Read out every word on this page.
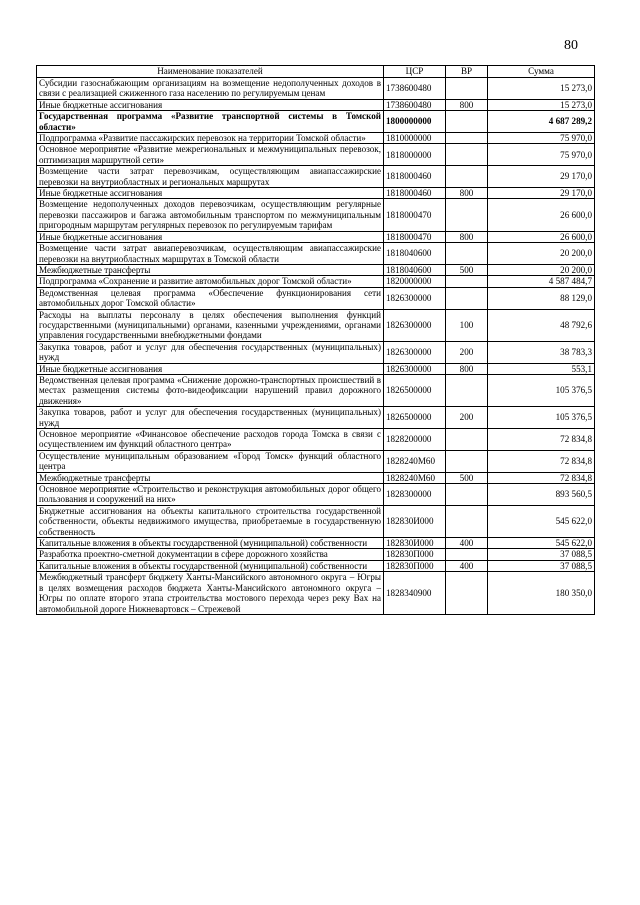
80
Наименование показателей	ЦСР	ВР	Сумма
Субсидии газоснабжающим организациям на возмещение недополученных доходов в связи с реализацией сжиженного газа населению по регулируемым ценам	1738600480		15 273,0
Иные бюджетные ассигнования	1738600480	800	15 273,0
Государственная программа «Развитие транспортной системы в Томской области»	1800000000		4 687 289,2
Подпрограмма «Развитие пассажирских перевозок на территории Томской области»	1810000000		75 970,0
Основное мероприятие «Развитие межрегиональных и межмуниципальных перевозок, оптимизация маршрутной сети»	1818000000		75 970,0
Возмещение части затрат перевозчикам, осуществляющим авиапассажирские перевозки на внутриобластных и региональных маршрутах	1818000460		29 170,0
Иные бюджетные ассигнования	1818000460	800	29 170,0
Возмещение недополученных доходов перевозчикам, осуществляющим регулярные перевозки пассажиров и багажа автомобильным транспортом по межмуниципальным пригородным маршрутам регулярных перевозок по регулируемым тарифам	1818000470		26 600,0
Иные бюджетные ассигнования	1818000470	800	26 600,0
Возмещение части затрат авиаперевозчикам, осуществляющим авиапассажирские перевозки на внутриобластных маршрутах в Томской области	1818040600		20 200,0
Межбюджетные трансферты	1818040600	500	20 200,0
Подпрограмма «Сохранение и развитие автомобильных дорог Томской области»	1820000000		4 587 484,7
Ведомственная целевая программа «Обеспечение функционирования сети автомобильных дорог Томской области»	1826300000		88 129,0
Расходы на выплаты персоналу в целях обеспечения выполнения функций государственными (муниципальными) органами, казенными учреждениями, органами управления государственными внебюджетными фондами	1826300000	100	48 792,6
Закупка товаров, работ и услуг для обеспечения государственных (муниципальных) нужд	1826300000	200	38 783,3
Иные бюджетные ассигнования	1826300000	800	553,1
Ведомственная целевая программа «Снижение дорожно-транспортных происшествий в местах размещения системы фото-видеофиксации нарушений правил дорожного движения»	1826500000		105 376,5
Закупка товаров, работ и услуг для обеспечения государственных (муниципальных) нужд	1826500000	200	105 376,5
Основное мероприятие «Финансовое обеспечение расходов города Томска в связи с осуществлением им функций областного центра»	1828200000		72 834,8
Осуществление муниципальным образованием «Город Томск» функций областного центра	1828240М60		72 834,8
Межбюджетные трансферты	1828240М60	500	72 834,8
Основное мероприятие «Строительство и реконструкция автомобильных дорог общего пользования и сооружений на них»	1828300000		893 560,5
Бюджетные ассигнования на объекты капитального строительства государственной собственности, объекты недвижимого имущества, приобретаемые в государственную собственность	182830И000		545 622,0
Капитальные вложения в объекты государственной (муниципальной) собственности	182830И000	400	545 622,0
Разработка проектно-сметной документации в сфере дорожного хозяйства	182830П000		37 088,5
Капитальные вложения в объекты государственной (муниципальной) собственности	182830П000	400	37 088,5
Межбюджетный трансферт бюджету Ханты-Мансийского автономного округа – Югры в целях возмещения расходов бюджета Ханты-Мансийского автономного округа – Югры по оплате второго этапа строительства мостового перехода через реку Вах на автомобильной дороге Нижневартовск – Стрежевой	1828340900		180 350,0
